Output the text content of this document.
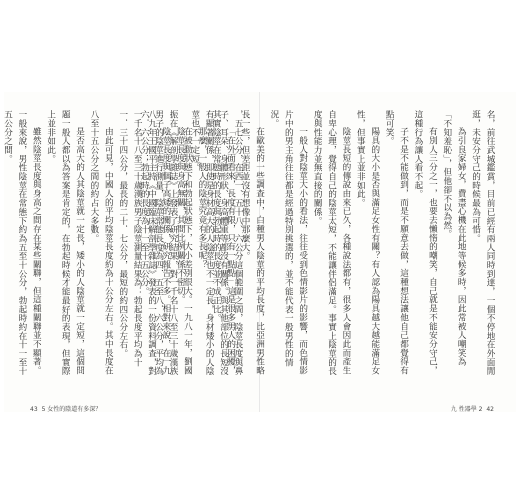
，五七公分，在西一、五十八、六公分這個範圍之間，陰莖長度與鼻子、耳朵、身體形狀、身高體重等都沒有關係。與其他部位的長短沒有顯著關係，即使是身材高大的人陰莖也不一定長，身材矮小的人陰莖也不一定短。

陰莖長度與身高無關，其間比例關係不密切。

陰莖長度與個子高矮的關係，研究報告不多。相對來說，在一九八九年王國平主持《中國臨床解剖學雜誌》發表的一份資料調查，對一千名十八至三十歲漢族男子陰莖測量結果為：勃起長度平均為十一．三十四公分，最長的二十．七公分，最短的約四公分左右。

由此可見，中國人的平均陰莖長度約為十公分左右。其中長度在八至十五公分之間的約占大多數。

是否高大的人其陰莖就一定長，矮小的人陰莖就一定短，這個問題一般人都以為答案是肯定的，在勃起時候才能最好的表現，但實際上並非如此。

雖然陰莖長度與身高之間存在某些關聯，但這種關聯並不顯著。一般來說，男性陰莖在常態下約為五至十公分，勃起時約在十一至十五公分之間。	名，前往武城鑑賞，目前已經有兩人同時到達，一個不停地在外面閒逛，未安分守己的時候最為可惜。

為引良家婦女，費盡心機在此地等候多時，因此常被人嘲笑為「不知羞恥」，但他卻不以為然。

有別人三分之一，也要去懶惰的嘲笑，自己就是不能安分守己，這種行為讓人看不起。

子不是不能做到，而是不願意去做，這種想法讓他自己都覺得有點可笑。

陽具的大小是否與滿足女性有關？有人認為陽具越大越能滿足女性，但事實上並非如此。

陰莖長短的傳說由來已久，各種說法都有，很多人會因此而產生自卑心理，覺得自己的陰莖太短，不能讓伴侶滿足。事實上陰莖的長度與性能力並無直接的關係。

一般人對陰莖大小的看法，往往受到色情影片的影響，而色情影片中的男主角往往都是經過特別挑選的，並不能代表一般男性的情況。

在歐美的一些調查中，白種男人陰莖的平均長度，比亞洲男性略長一些，但差距並沒有想像中那麼大。

「在外面看來，長度有限，只有一點點」這是很多男人的困擾，其實陰莖在常態時的長度與勃起時的長度並不成正比。

那麼，一般人的陰莖究竟有多長呢？

在被動狀態下和勃起狀態下，大小差別很大。一九八一年，劉國振在《解剖學雜誌》上發表了研究結果，對一千名十八至三十歲漢族男子的陰莖進行測量，陰莖常態長度為四．五至八．六公分，平均為六．六公分；勃起時的長度為十一至十五公分。

43 5 女性的陰道有多深？	九 性器學 2 42
